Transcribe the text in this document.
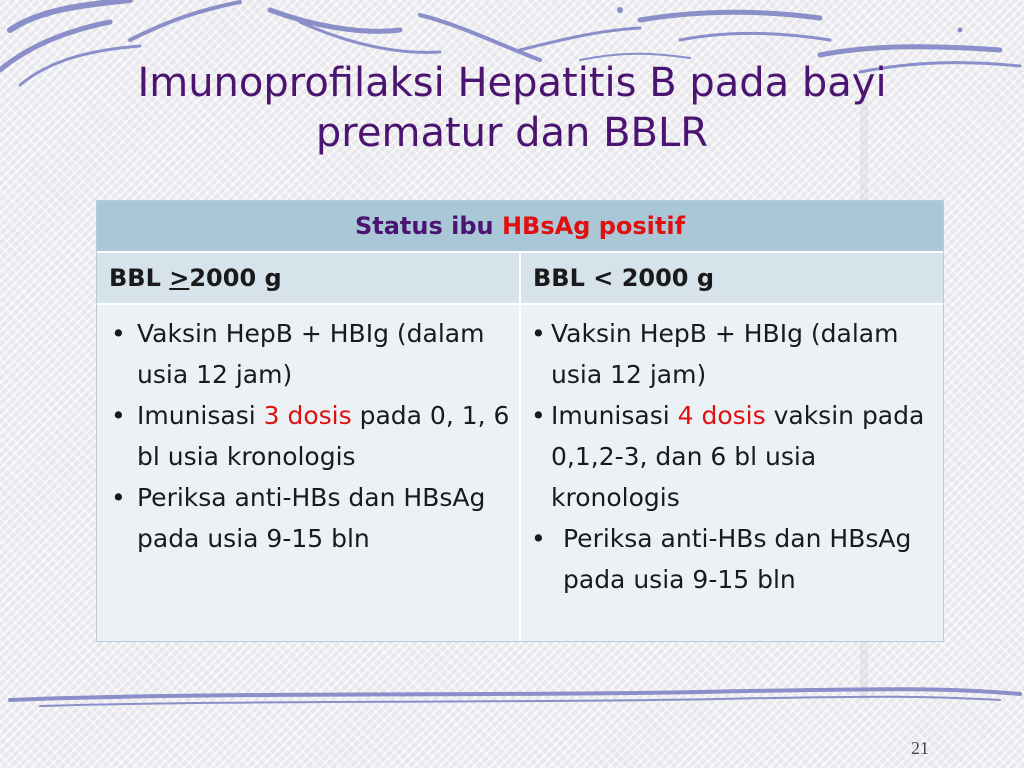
Imunoprofilaksi Hepatitis B pada bayi
prematur dan BBLR
Status ibu HBsAg positif
BBL >2000 g	BBL < 2000 g
• Vaksin HepB + HBIg (dalam usia 12 jam)
• Imunisasi 3 dosis pada 0, 1, 6 bl usia kronologis
• Periksa anti-HBs dan HBsAg pada usia 9-15 bln
• Vaksin HepB + HBIg (dalam usia 12 jam)
• Imunisasi 4 dosis vaksin pada 0,1,2-3, dan 6 bl usia kronologis
• Periksa anti-HBs dan HBsAg pada usia 9-15 bln
21
